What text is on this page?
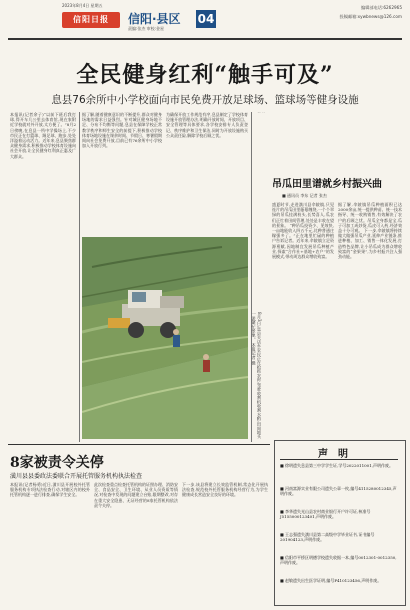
2023年8月4日 星期五
信阳日报	信阳·县区 04
责编:张杰 审校:金星
编辑部电话:6262965
投稿邮箱:xywbnews@126.com
全民健身红利“触手可及”
息县76余所中小学校面向市民免费开放足球场、篮球场等健身设施
本报讯(记者余子)“以前下班后我打球,得开车几公里去体育馆,现在家附近学校就对外开放,太方便了。”8月2日傍晚,在息县一所中学操场上,不少市民正在打篮球、踢足球、跑步,处处洋溢着运动活力。近年来,息县聚焦群众健身需求,积极推动学校体育设施向社会开放,让全民健身红利真正惠及广大群众。
据了解,随着健康意识的不断提升,群众对健身场地的需求日益强烈。针对城区健身场地不足、分布不均衡等问题,息县在保障学校正常教学秩序和师生安全的前提下,积极推动学校体育场地设施在课余时间、节假日、寒暑假期间向社会免费开放,目前已有76余所中小学校加入开放行列。
为确保开放工作规范有序,息县制定了学校体育设施开放管理办法,明确开放时间、开放项目、安全管理等具体要求,各学校安排专人负责登记、秩序维护和卫生保洁,同时为开放设施购买公众责任险,解除学校后顾之忧。
8月3日,息县关店乡农民正在抢抓农时,驾驶收割机收割水稻,田间地头一派繁忙景象。 本报记者 摄
吊瓜田里谱就乡村振兴曲
■ 通讯员 李东 记者 张杰
盛夏时节,走进潢川县伞陂镇,只见连片的吊瓜田里藤蔓缠绕,一个个翠绿的吊瓜挂满枝头,长势喜人,瓜农们正忙着田间管理,处处是丰收在望的景象。 “种吊瓜投资少、见效快,一亩地能收入四五千元,比种普通庄稼强多了。”正在地里忙碌的种植户告诉记者。近年来,伞陂镇立足资源禀赋,因地制宜发展吊瓜种植产业,探索“合作社+基地+农户”的发展模式,带动周边群众增收致富。
据了解,伞陂镇吊瓜种植面积已达2000余亩,统一提供种苗、统一技术指导、统一收购销售,有效解决了农户的后顾之忧。吊瓜全身都是宝,瓜子可加工成炒货,瓜皮可入药,经济效益十分可观。 下一步,伞陂镇将持续做大做强吊瓜产业,延伸产业链条,推进种植、加工、销售一体化发展,打造特色品牌,让小吊瓜成为群众增收致富的“金果果”,为乡村振兴注入强劲动能。
8家被责令关停
潢川县县委政法委联合开展托管服务机构执法检查
本报讯(记者杨勇)近日,潢川县开展校外托管服务机构专项执法检查行动,对辖区内的校外托管机构逐一进行排查,确保学生安全。
此次检查重点检查托管机构的证照办理、消防安全、食品安全、卫生环境、从业人员资质等情况,对检查中发现的问题建立台账,限期整改,对存在重大安全隐患、无证经营的8家托管机构依法责令关停。
下一步,该县将建立长效监管机制,常态化开展执法检查,规范校外托管服务机构经营行为,为学生健康成长营造安全良好的环境。
声明
■ 徐明遗失息县第三中学学生证,学号2022011001,声明作废。
■ 河南富源实业有限公司遗失公章一枚,编号4115280012345,声明作废。
■ 李华遗失光山县农村商业银行开户许可证,核准号J5155000123401,声明作废。
■ 王志强遗失潢川县第二高级中学毕业证书,证书编号201904123,声明作废。
■ 信阳市平桥区明德学校遗失收据一本,编号0012301-0012350,声明作废。
■ 赵敏遗失出生医学证明,编号P410123456,声明作废。
